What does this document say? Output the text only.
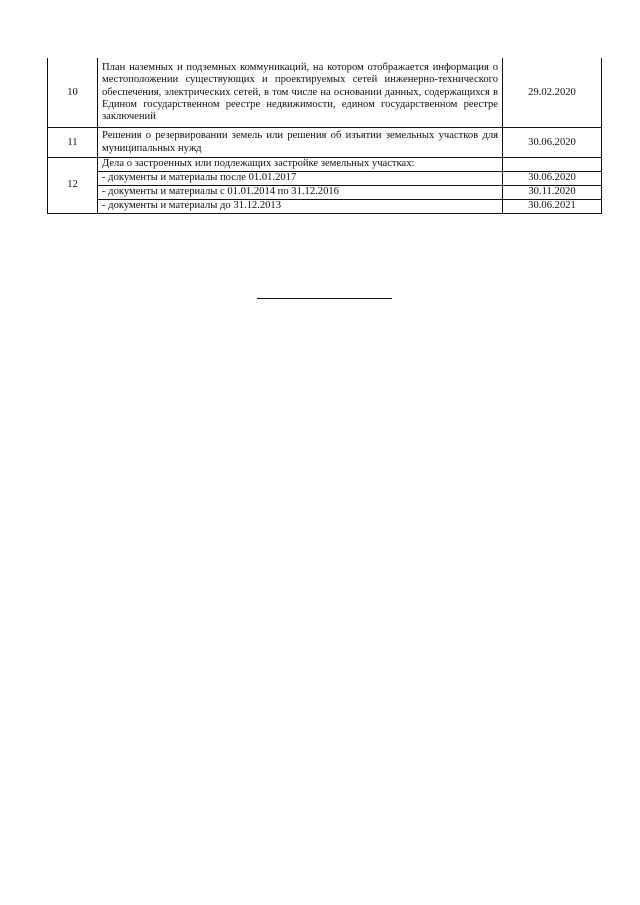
10	План наземных и подземных коммуникаций, на котором отображается информация о местоположении существующих и проектируемых сетей инженерно-технического обеспечения, электрических сетей, в том числе на основании данных, содержащихся в Едином государственном реестре недвижимости, едином государственном реестре заключений	29.02.2020
11	Решения о резервировании земель или решения об изъятии земельных участков для муниципальных нужд	30.06.2020
12	Дела о застроенных или подлежащих застройке земельных участках:	
	- документы и материалы после 01.01.2017	30.06.2020
	- документы и материалы с 01.01.2014 по 31.12.2016	30.11.2020
	- документы и материалы до 31.12.2013	30.06.2021
